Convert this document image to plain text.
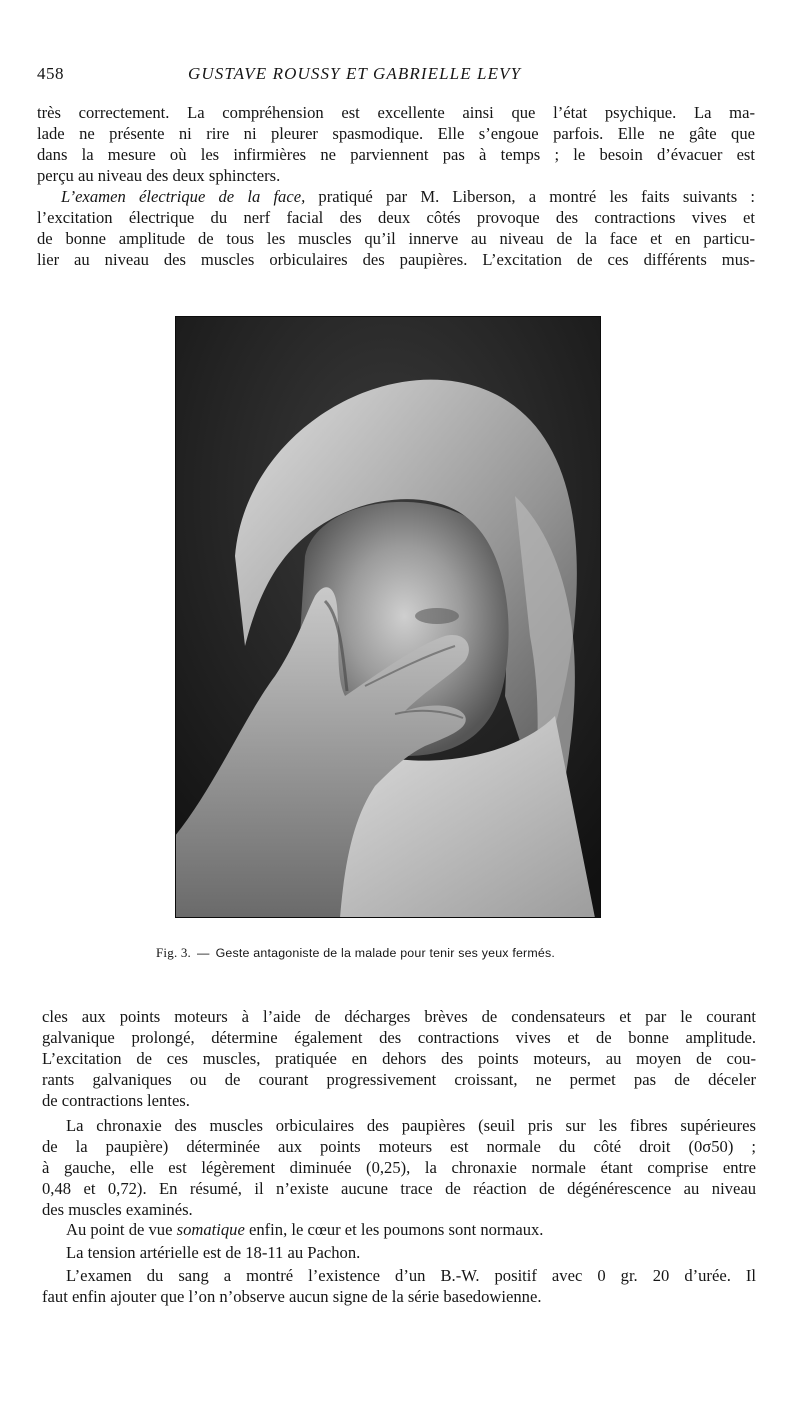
458	GUSTAVE ROUSSY ET GABRIELLE LEVY
très correctement. La compréhension est excellente ainsi que l’état psychique. La ma-
lade ne présente ni rire ni pleurer spasmodique. Elle s’engoue parfois. Elle ne gâte que
dans la mesure où les infirmières ne parviennent pas à temps ; le besoin d’évacuer est
perçu au niveau des deux sphincters.
L’examen électrique de la face, pratiqué par M. Liberson, a montré les faits suivants :
l’excitation électrique du nerf facial des deux côtés provoque des contractions vives et
de bonne amplitude de tous les muscles qu’il innerve au niveau de la face et en particu-
lier au niveau des muscles orbiculaires des paupières. L’excitation de ces différents mus-
Fig. 3. — Geste antagoniste de la malade pour tenir ses yeux fermés.
cles aux points moteurs à l’aide de décharges brèves de condensateurs et par le courant
galvanique prolongé, détermine également des contractions vives et de bonne amplitude.
L’excitation de ces muscles, pratiquée en dehors des points moteurs, au moyen de cou-
rants galvaniques ou de courant progressivement croissant, ne permet pas de déceler
de contractions lentes.
La chronaxie des muscles orbiculaires des paupières (seuil pris sur les fibres supérieures
de la paupière) déterminée aux points moteurs est normale du côté droit (0σ50) ;
à gauche, elle est légèrement diminuée (0,25), la chronaxie normale étant comprise entre
0,48 et 0,72). En résumé, il n’existe aucune trace de réaction de dégénérescence au niveau
des muscles examinés.
Au point de vue somatique enfin, le cœur et les poumons sont normaux.
La tension artérielle est de 18-11 au Pachon.
L’examen du sang a montré l’existence d’un B.-W. positif avec 0 gr. 20 d’urée. Il
faut enfin ajouter que l’on n’observe aucun signe de la série basedowienne.
